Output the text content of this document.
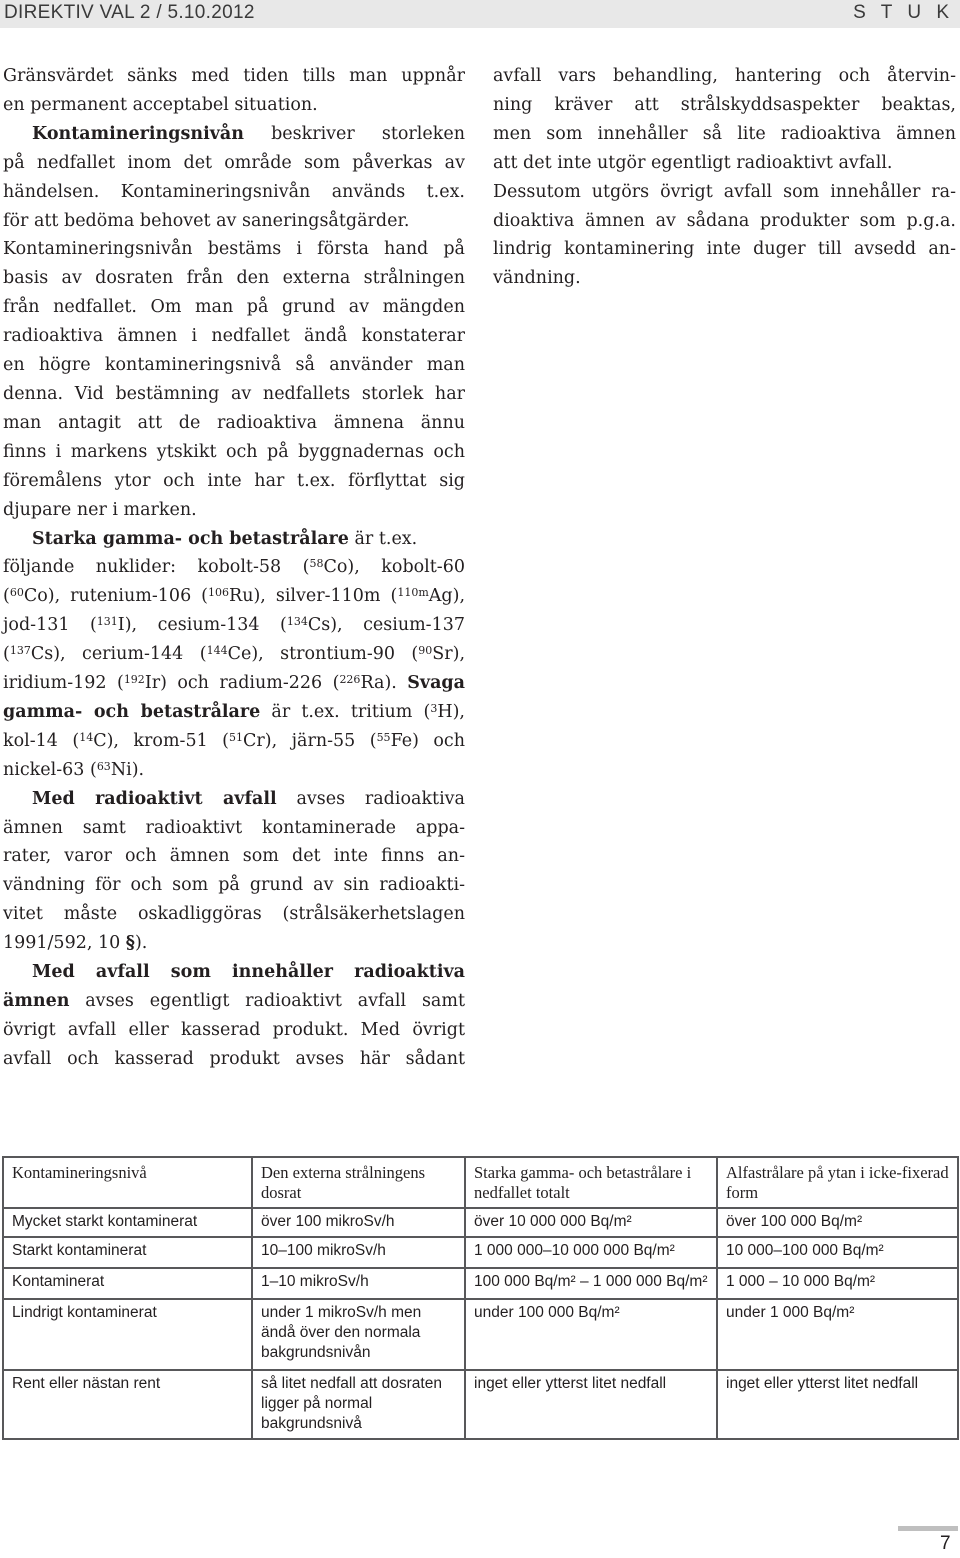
DIREKTIV VAL 2 / 5.10.2012	S T U K

Gränsvärdet sänks med tiden tills man uppnår
en permanent acceptabel situation.

Kontamineringsnivån beskriver storleken
på nedfallet inom det område som påverkas av
händelsen. Kontamineringsnivån används t.ex.
för att bedöma behovet av saneringsåtgärder.
Kontamineringsnivån bestäms i första hand på
basis av dosraten från den externa strålningen
från nedfallet. Om man på grund av mängden
radioaktiva ämnen i nedfallet ändå konstaterar
en högre kontamineringsnivå så använder man
denna. Vid bestämning av nedfallets storlek har
man antagit att de radioaktiva ämnena ännu
finns i markens ytskikt och på byggnadernas och
föremålens ytor och inte har t.ex. förflyttat sig
djupare ner i marken.

Starka gamma- och betastrålare är t.ex.
följande nuklider: kobolt-58 ($^{58}$Co), kobolt-60
($^{60}$Co), rutenium-106 ($^{106}$Ru), silver-110m ($^{110m}$Ag),
jod-131 ($^{131}$I), cesium-134 ($^{134}$Cs), cesium-137
($^{137}$Cs), cerium-144 ($^{144}$Ce), strontium-90 ($^{90}$Sr),
iridium-192 ($^{192}$Ir) och radium-226 ($^{226}$Ra). Svaga
gamma- och betastrålare är t.ex. tritium ($^3$H),
kol-14 ($^{14}$C), krom-51 ($^{51}$Cr), järn-55 ($^{55}$Fe) och
nickel-63 ($^{63}$Ni).

Med radioaktivt avfall avses radioaktiva
ämnen samt radioaktivt kontaminerade appa-
rater, varor och ämnen som det inte finns an-
vändning för och som på grund av sin radioakti-
vitet måste oskadliggöras (strålsäkerhetslagen
1991/592, 10 §).

Med avfall som innehåller radioaktiva
ämnen avses egentligt radioaktivt avfall samt
övrigt avfall eller kasserad produkt. Med övrigt
avfall och kasserad produkt avses här sådant

avfall vars behandling, hantering och återvin-
ning kräver att strålskyddsaspekter beaktas,
men som innehåller så lite radioaktiva ämnen
att det inte utgör egentligt radioaktivt avfall.
Dessutom utgörs övrigt avfall som innehåller ra-
dioaktiva ämnen av sådana produkter som p.g.a.
lindrig kontaminering inte duger till avsedd an-
vändning.

Kontamineringsnivå	Den externa strålningens dosrat	Starka gamma- och betastrålare i nedfallet totalt	Alfastrålare på ytan i icke-fixerad form
Mycket starkt kontaminerat	över 100 mikroSv/h	över 10 000 000 Bq/m²	över 100 000 Bq/m²
Starkt kontaminerat	10–100 mikroSv/h	1 000 000–10 000 000 Bq/m²	10 000–100 000 Bq/m²
Kontaminerat	1–10 mikroSv/h	100 000 Bq/m² – 1 000 000 Bq/m²	1 000 – 10 000 Bq/m²
Lindrigt kontaminerat	under 1 mikroSv/h men ändå över den normala bakgrundsnivån	under 100 000 Bq/m²	under 1 000 Bq/m²
Rent eller nästan rent	så litet nedfall att dosraten ligger på normal bakgrundsnivå	inget eller ytterst litet nedfall	inget eller ytterst litet nedfall
7
